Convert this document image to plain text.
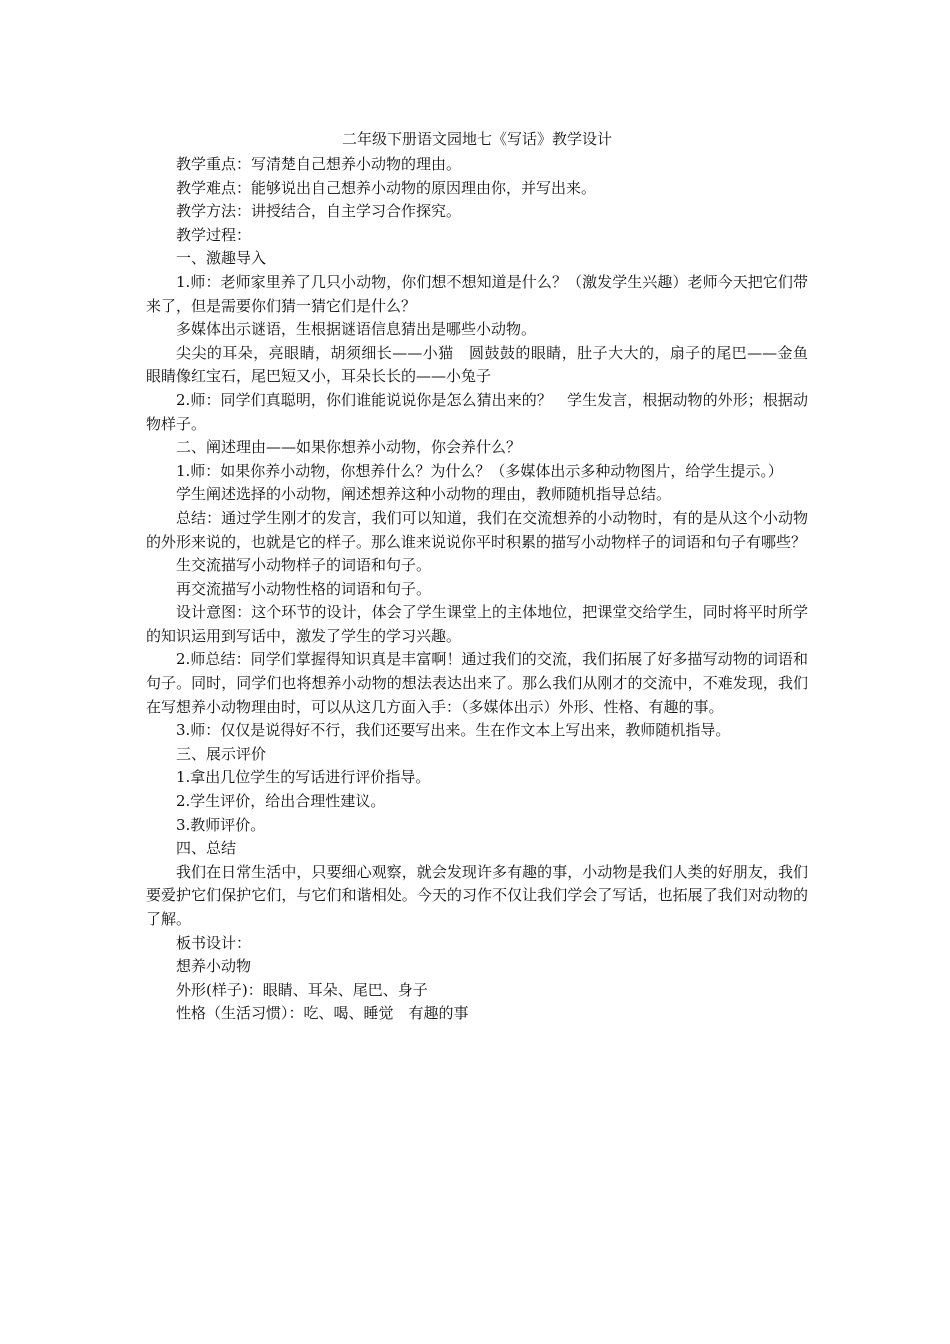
二年级下册语文园地七《写话》教学设计

教学重点：写清楚自己想养小动物的理由。

教学难点：能够说出自己想养小动物的原因理由你，并写出来。

教学方法：讲授结合，自主学习合作探究。

教学过程：

一、激趣导入

1.师：老师家里养了几只小动物，你们想不想知道是什么？（激发学生兴趣）老师今天把它们带来了，但是需要你们猜一猜它们是什么？

多媒体出示谜语，生根据谜语信息猜出是哪些小动物。

尖尖的耳朵，亮眼睛，胡须细长——小猫　圆鼓鼓的眼睛，肚子大大的，扇子的尾巴——金鱼　眼睛像红宝石，尾巴短又小，耳朵长长的——小兔子

2.师：同学们真聪明，你们谁能说说你是怎么猜出来的？　学生发言，根据动物的外形；根据动物样子。

二、阐述理由——如果你想养小动物，你会养什么？

1.师：如果你养小动物，你想养什么？为什么？（多媒体出示多种动物图片，给学生提示。）

学生阐述选择的小动物，阐述想养这种小动物的理由，教师随机指导总结。

总结：通过学生刚才的发言，我们可以知道，我们在交流想养的小动物时，有的是从这个小动物的外形来说的，也就是它的样子。那么谁来说说你平时积累的描写小动物样子的词语和句子有哪些？

生交流描写小动物样子的词语和句子。

再交流描写小动物性格的词语和句子。

设计意图：这个环节的设计，体会了学生课堂上的主体地位，把课堂交给学生，同时将平时所学的知识运用到写话中，激发了学生的学习兴趣。

2.师总结：同学们掌握得知识真是丰富啊！通过我们的交流，我们拓展了好多描写动物的词语和句子。同时，同学们也将想养小动物的想法表达出来了。那么我们从刚才的交流中，不难发现，我们在写想养小动物理由时，可以从这几方面入手：（多媒体出示）外形、性格、有趣的事。

3.师：仅仅是说得好不行，我们还要写出来。生在作文本上写出来，教师随机指导。

三、展示评价

1.拿出几位学生的写话进行评价指导。

2.学生评价，给出合理性建议。

3.教师评价。

四、总结

我们在日常生活中，只要细心观察，就会发现许多有趣的事，小动物是我们人类的好朋友，我们要爱护它们保护它们，与它们和谐相处。今天的习作不仅让我们学会了写话，也拓展了我们对动物的了解。

板书设计：

想养小动物

外形(样子)：眼睛、耳朵、尾巴、身子

性格（生活习惯）：吃、喝、睡觉　有趣的事
